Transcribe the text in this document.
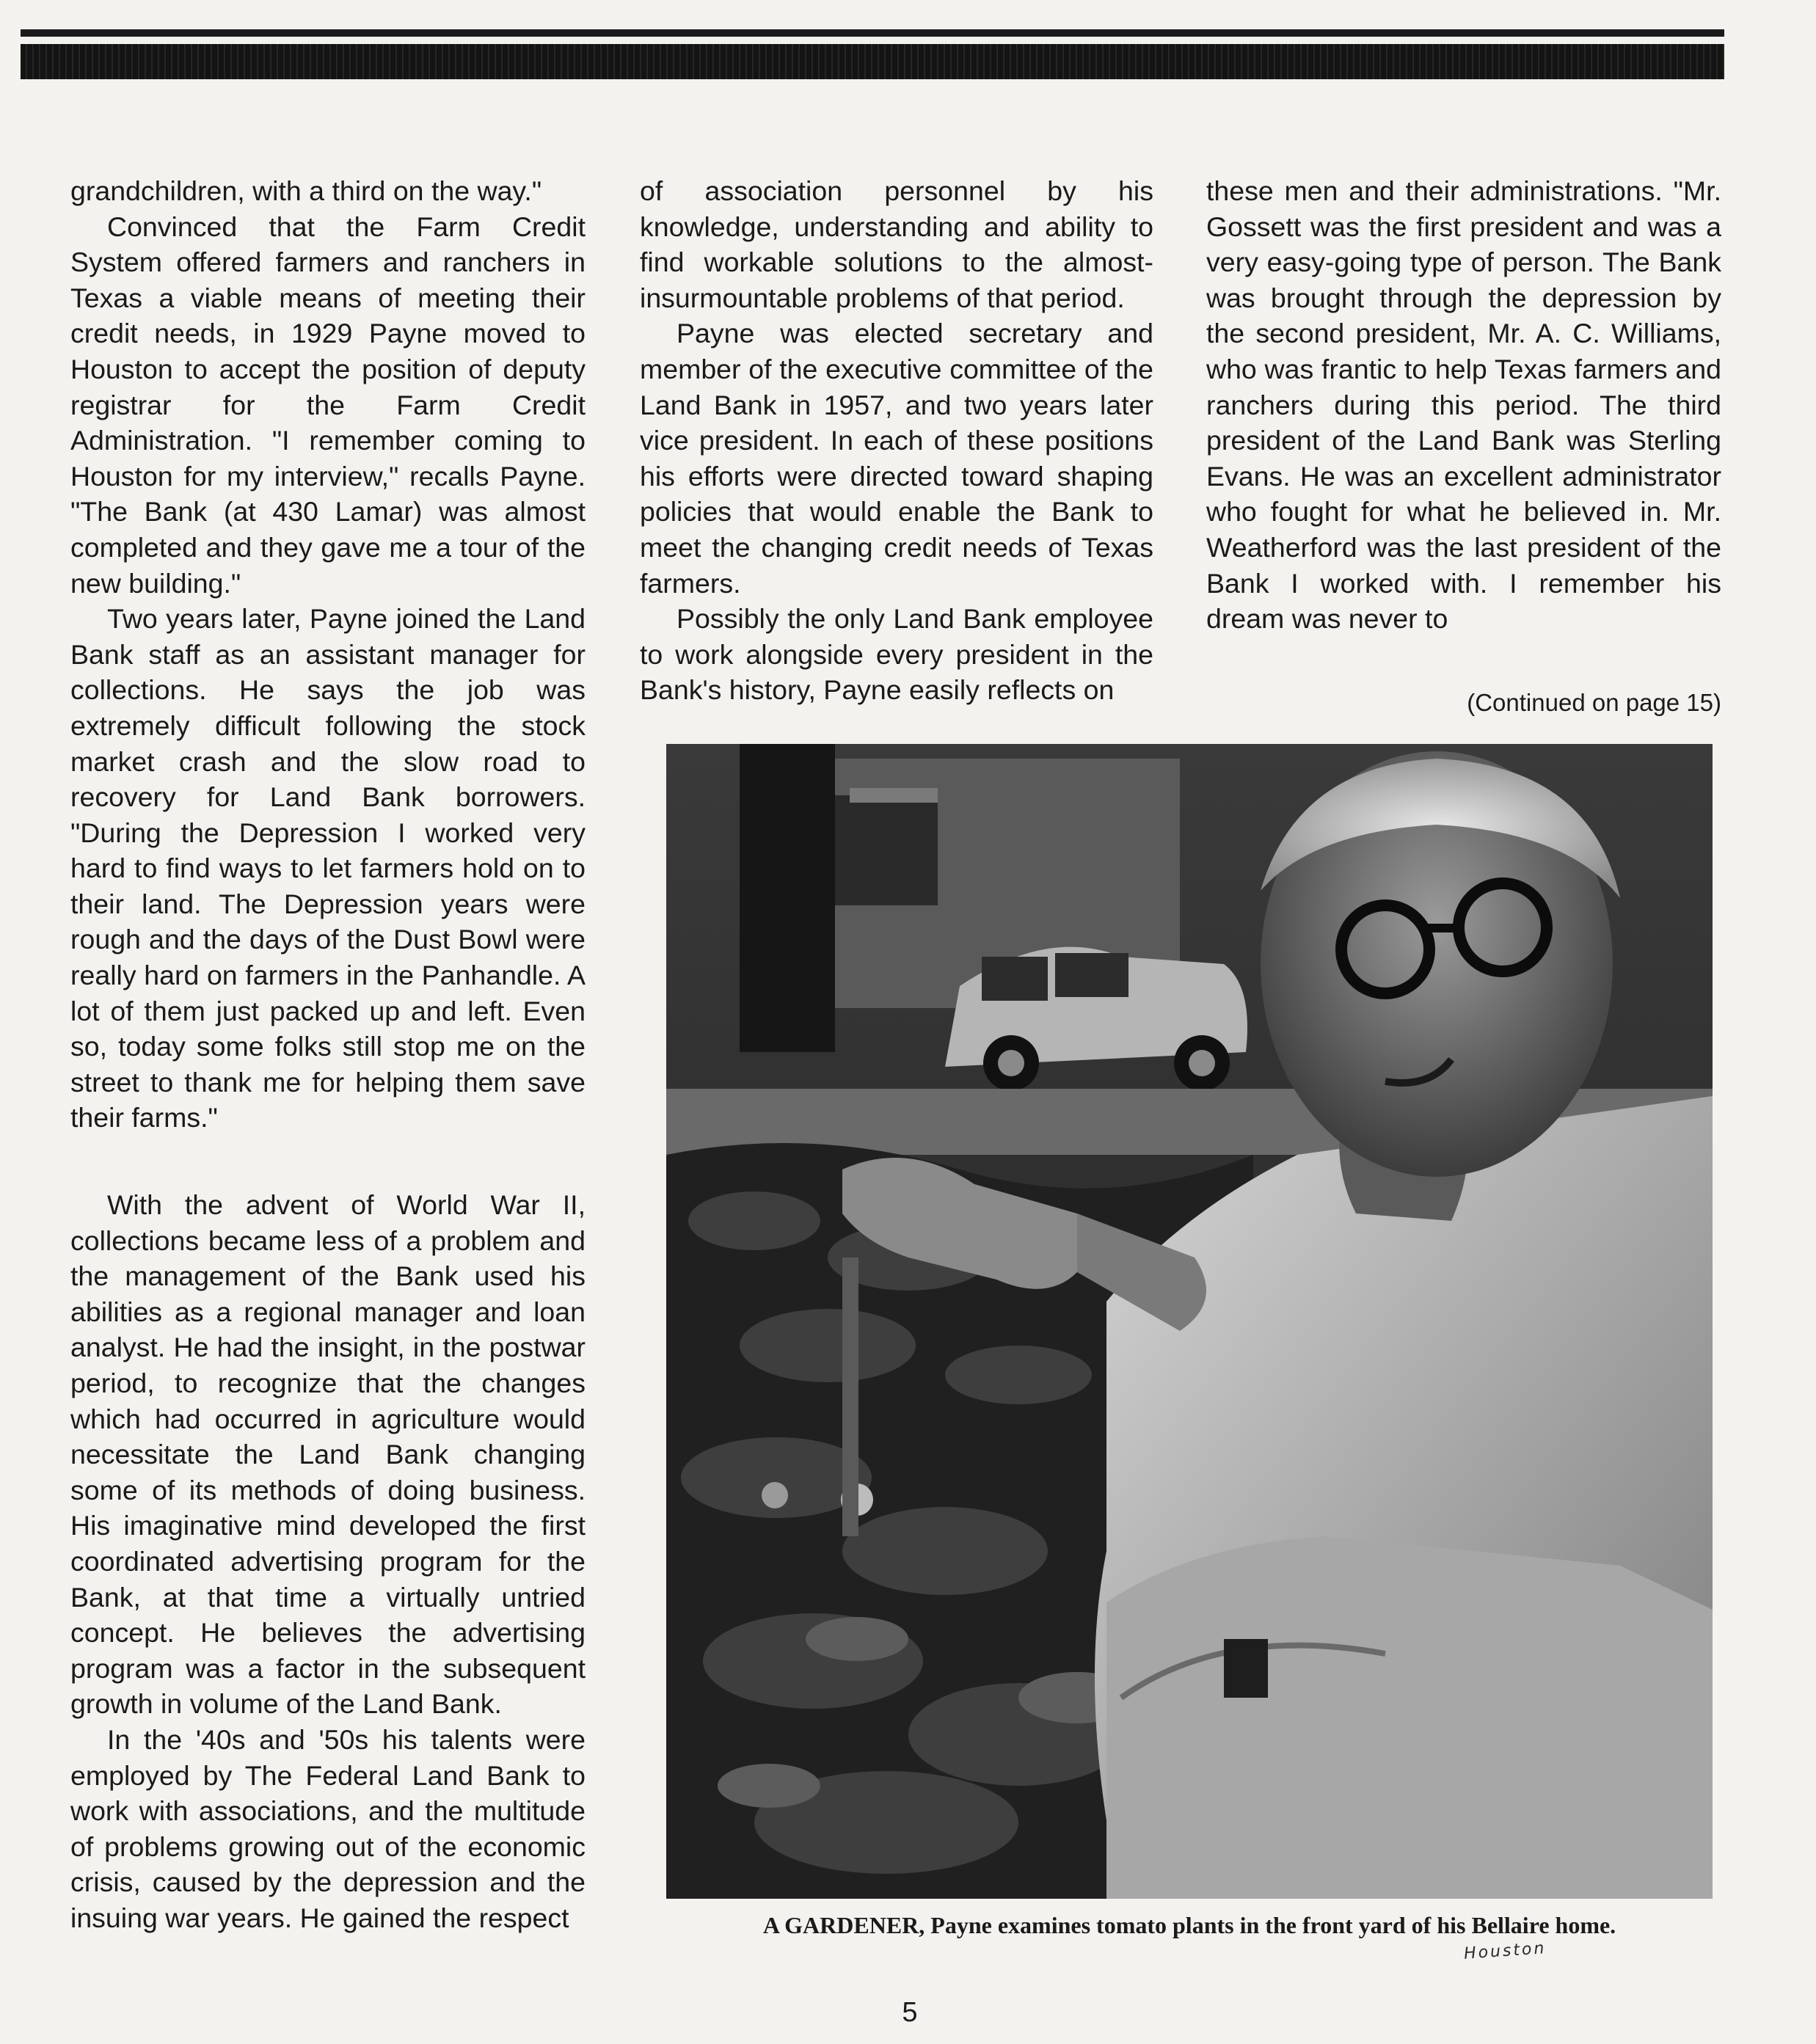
grandchildren, with a third on the way."

Convinced that the Farm Credit System offered farmers and ranchers in Texas a viable means of meeting their credit needs, in 1929 Payne moved to Houston to accept the position of deputy registrar for the Farm Credit Administration. "I remember coming to Houston for my interview," recalls Payne. "The Bank (at 430 Lamar) was almost completed and they gave me a tour of the new building."

Two years later, Payne joined the Land Bank staff as an assistant manager for collections. He says the job was extremely difficult following the stock market crash and the slow road to recovery for Land Bank borrowers. "During the Depression I worked very hard to find ways to let farmers hold on to their land. The Depression years were rough and the days of the Dust Bowl were really hard on farmers in the Panhandle. A lot of them just packed up and left. Even so, today some folks still stop me on the street to thank me for helping them save their farms."

With the advent of World War II, collections became less of a problem and the management of the Bank used his abilities as a regional manager and loan analyst. He had the insight, in the postwar period, to recognize that the changes which had occurred in agriculture would necessitate the Land Bank changing some of its methods of doing business. His imaginative mind developed the first coordinated advertising program for the Bank, at that time a virtually untried concept. He believes the advertising program was a factor in the subsequent growth in volume of the Land Bank.

In the '40s and '50s his talents were employed by The Federal Land Bank to work with associations, and the multitude of problems growing out of the economic crisis, caused by the depression and the insuing war years. He gained the respect

of association personnel by his knowledge, understanding and ability to find workable solutions to the almost-insurmountable problems of that period.

Payne was elected secretary and member of the executive committee of the Land Bank in 1957, and two years later vice president. In each of these positions his efforts were directed toward shaping policies that would enable the Bank to meet the changing credit needs of Texas farmers.

Possibly the only Land Bank employee to work alongside every president in the Bank's history, Payne easily reflects on

these men and their administrations. "Mr. Gossett was the first president and was a very easy-going type of person. The Bank was brought through the depression by the second president, Mr. A. C. Williams, who was frantic to help Texas farmers and ranchers during this period. The third president of the Land Bank was Sterling Evans. He was an excellent administrator who fought for what he believed in. Mr. Weatherford was the last president of the Bank I worked with. I remember his dream was never to

(Continued on page 15)
A GARDENER, Payne examines tomato plants in the front yard of his Bellaire home.
Houston
5
